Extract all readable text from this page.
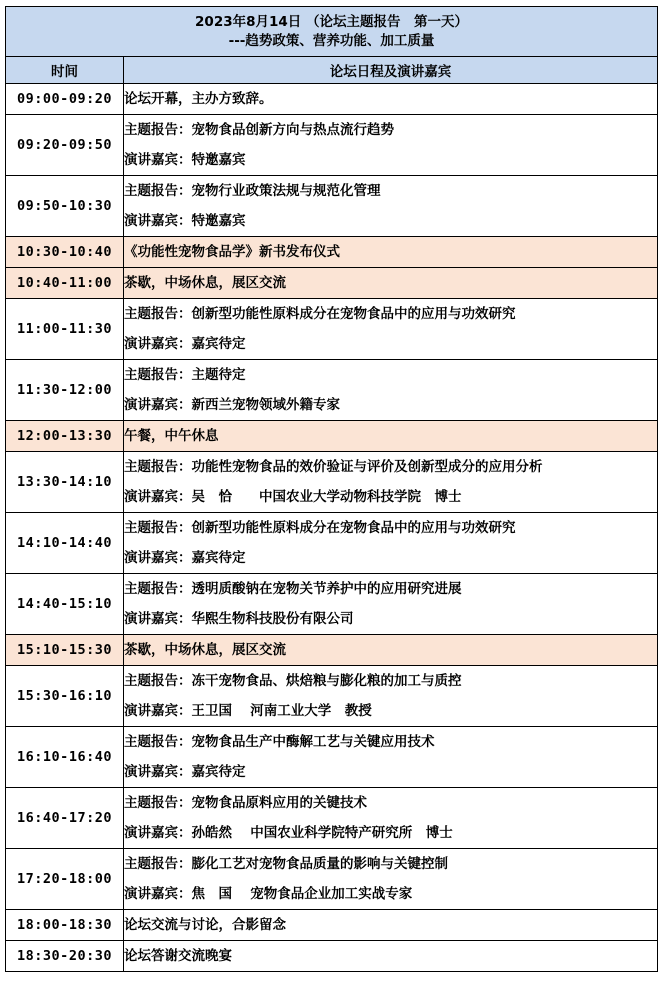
2023年8月14日 （论坛主题报告　第一天）
---趋势政策、营养功能、加工质量	

时间	论坛日程及演讲嘉宾
09:00-09:20	论坛开幕，主办方致辞。

09:20-09:50	主题报告：宠物食品创新方向与热点流行趋势
演讲嘉宾：特邀嘉宾

09:50-10:30	主题报告：宠物行业政策法规与规范化管理
演讲嘉宾：特邀嘉宾

10:30-10:40	《功能性宠物食品学》新书发布仪式

10:40-11:00	茶歇，中场休息，展区交流

11:00-11:30	主题报告：创新型功能性原料成分在宠物食品中的应用与功效研究
演讲嘉宾：嘉宾待定

11:30-12:00	主题报告：主题待定
演讲嘉宾：新西兰宠物领域外籍专家

12:00-13:30	午餐，中午休息

13:30-14:10	主题报告：功能性宠物食品的效价验证与评价及创新型成分的应用分析
演讲嘉宾：吴　恰　　中国农业大学动物科技学院　博士

14:10-14:40	主题报告：创新型功能性原料成分在宠物食品中的应用与功效研究
演讲嘉宾：嘉宾待定

14:40-15:10	主题报告：透明质酸钠在宠物关节养护中的应用研究进展
演讲嘉宾：华熙生物科技股份有限公司

15:10-15:30	茶歇，中场休息，展区交流

15:30-16:10	主题报告：冻干宠物食品、烘焙粮与膨化粮的加工与质控
演讲嘉宾：王卫国　 河南工业大学　教授

16:10-16:40	主题报告：宠物食品生产中酶解工艺与关键应用技术
演讲嘉宾：嘉宾待定

16:40-17:20	主题报告：宠物食品原料应用的关键技术
演讲嘉宾：孙皓然　 中国农业科学院特产研究所　博士

17:20-18:00	主题报告：膨化工艺对宠物食品质量的影响与关键控制
演讲嘉宾：焦　国　 宠物食品企业加工实战专家

18:00-18:30	论坛交流与讨论，合影留念

18:30-20:30	论坛答谢交流晚宴
